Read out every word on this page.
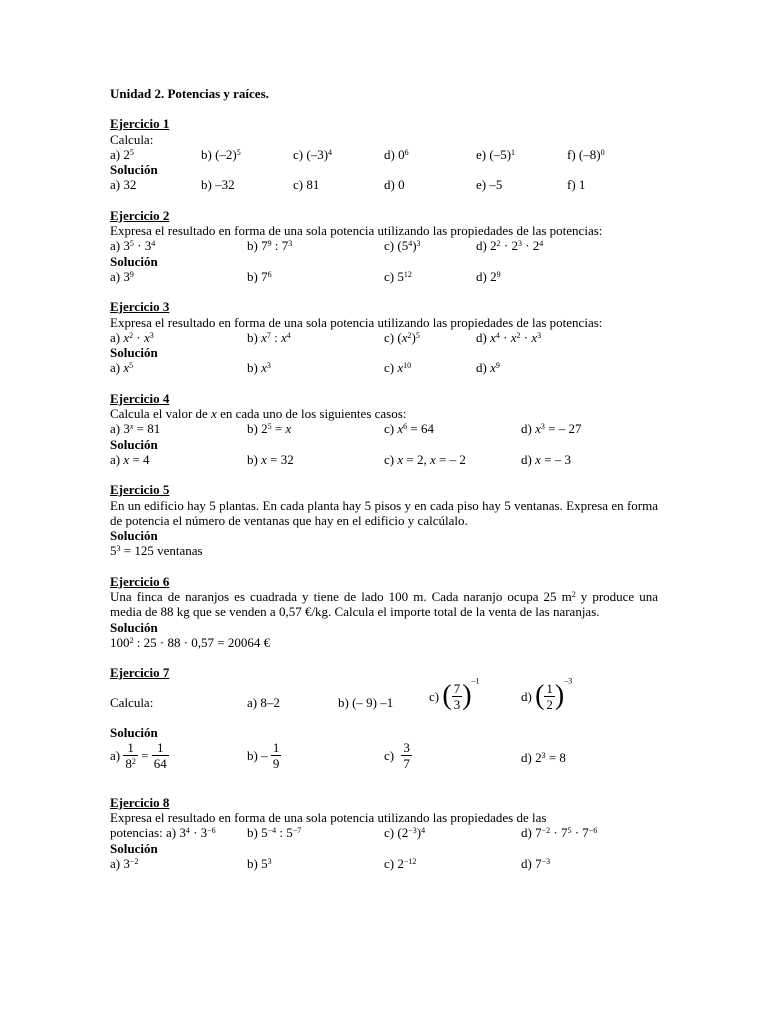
Unidad 2. Potencias y raíces.
Ejercicio 1
Calcula:
a) $2^5$	b) $(-2)^5$	c) $(-3)^4$	d) $0^6$	e) $(-5)^1$	f) $(-8)^0$
Solución
a) 32	b) –32	c) 81	d) 0	e) –5	f) 1
Ejercicio 2
Expresa el resultado en forma de una sola potencia utilizando las propiedades de las potencias:
a) $3^5 \cdot 3^4$	b) $7^9$ : $7^3$	c) $(5^4)^3$	d) $2^2 \cdot 2^3 \cdot 2^4$
Solución
a) $3^9$	b) $7^6$	c) $5^{12}$	d) $2^9$
Ejercicio 3
Expresa el resultado en forma de una sola potencia utilizando las propiedades de las potencias:
a) $x^2 \cdot x^3$	b) $x^7$ : $x^4$	c) $(x^2)^5$	d) $x^4 \cdot x^2 \cdot x^3$
Solución
a) $x^5$	b) $x^3$	c) $x^{10}$	d) $x^9$
Ejercicio 4
Calcula el valor de x en cada uno de los siguientes casos:
a) $3^x = 81$	b) $2^5 = x$	c) $x^6 = 64$	d) $x^3$ = – 27
Solución
a) x = 4	b) x = 32	c) x = 2, x = – 2	d) x = – 3
Ejercicio 5
En un edificio hay 5 plantas. En cada planta hay 5 pisos y en cada piso hay 5 ventanas. Expresa en forma de potencia el número de ventanas que hay en el edificio y calcúlalo.
Solución
$5^3 = 125$ ventanas
Ejercicio 6
Una finca de naranjos es cuadrada y tiene de lado 100 m. Cada naranjo ocupa 25 $m^2$ y produce una media de 88 kg que se venden a 0,57 €/kg. Calcula el importe total de la venta de las naranjas.
Solución
$100^2$ : 25 · 88 · 0,57 = 20064 €
Ejercicio 7
Calcula:	a) 8–2	b) (– 9) –1	c) ( $\frac{7}{3} )^{-1}$
d) ( $\frac{1}{2} )^{-3}$
Solución
$a) \frac{1}{8^2} = \frac{1}{64}$	$b) - \frac{1}{9}$	$c) \frac{3}{7}$	d) $2^3 = 8$
Ejercicio 8
Expresa el resultado en forma de una sola potencia utilizando las propiedades de las
potencias: a) $3^4 \cdot 3^{-6}$ b) $5^{-4}$ : $5^{-7}$	c) $(2^{-3})^4$	d) $7^{-2} \cdot 7^5 \cdot 7^{-6}$
Solución
a) $3^{-2}$	b) $5^3$	c) $2^{-12}$	d) $7^{-3}$
